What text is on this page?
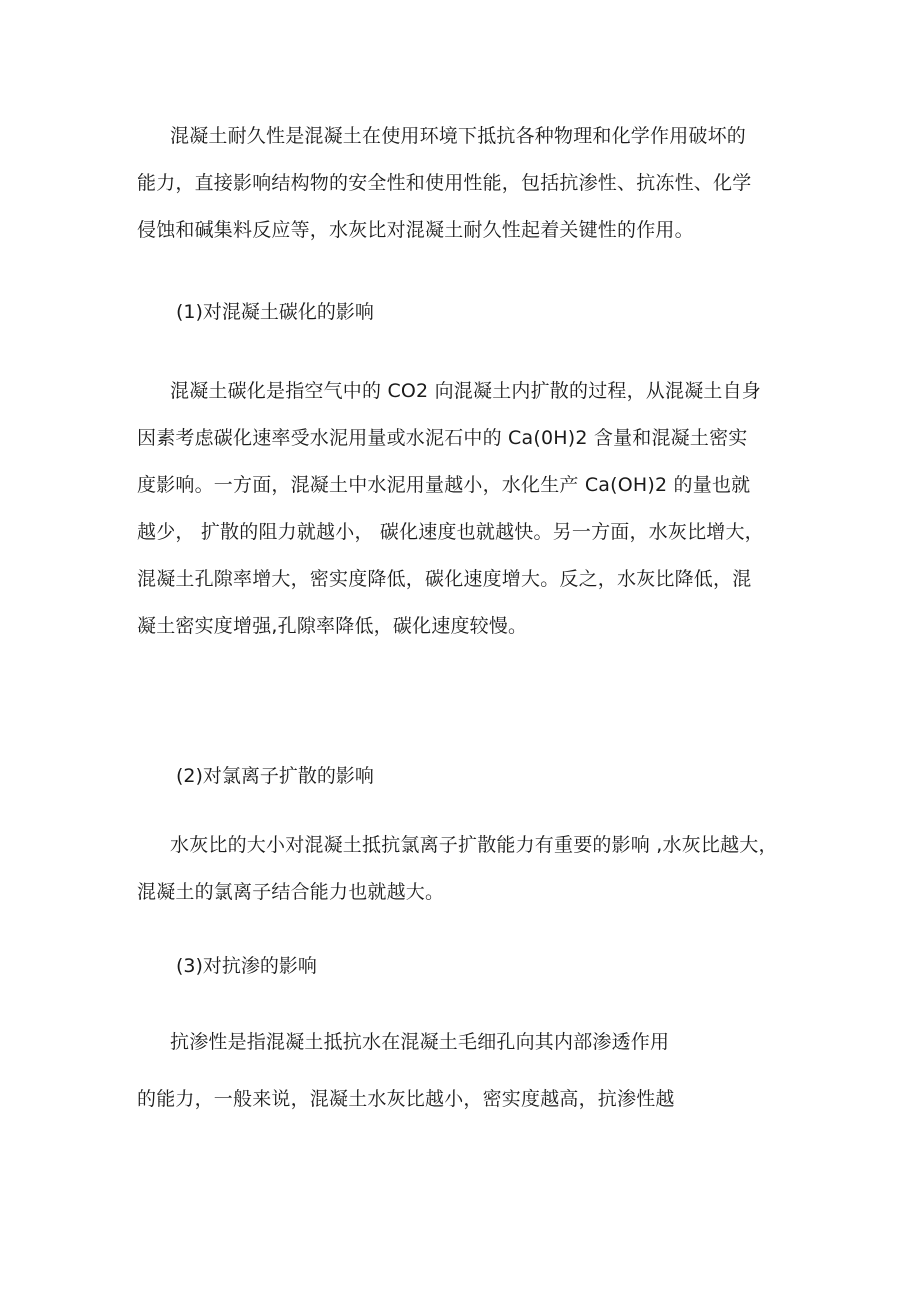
混凝土耐久性是混凝土在使用环境下抵抗各种物理和化学作用破坏的
能力，直接影响结构物的安全性和使用性能，包括抗渗性、抗冻性、化学
侵蚀和碱集料反应等，水灰比对混凝土耐久性起着关键性的作用。
(1)对混凝土碳化的影响
混凝土碳化是指空气中的 CO2 向混凝土内扩散的过程，从混凝土自身
因素考虑碳化速率受水泥用量或水泥石中的 Ca(0H)2 含量和混凝土密实
度影响。一方面，混凝土中水泥用量越小，水化生产 Ca(OH)2 的量也就
越少， 扩散的阻力就越小， 碳化速度也就越快。另一方面，水灰比增大，
混凝土孔隙率增大，密实度降低，碳化速度增大。反之，水灰比降低，混
凝土密实度增强,孔隙率降低，碳化速度较慢。
(2)对氯离子扩散的影响
水灰比的大小对混凝土抵抗氯离子扩散能力有重要的影响 ,水灰比越大，
混凝土的氯离子结合能力也就越大。
(3)对抗渗的影响
抗渗性是指混凝土抵抗水在混凝土毛细孔向其内部渗透作用
的能力，一般来说，混凝土水灰比越小，密实度越高，抗渗性越
